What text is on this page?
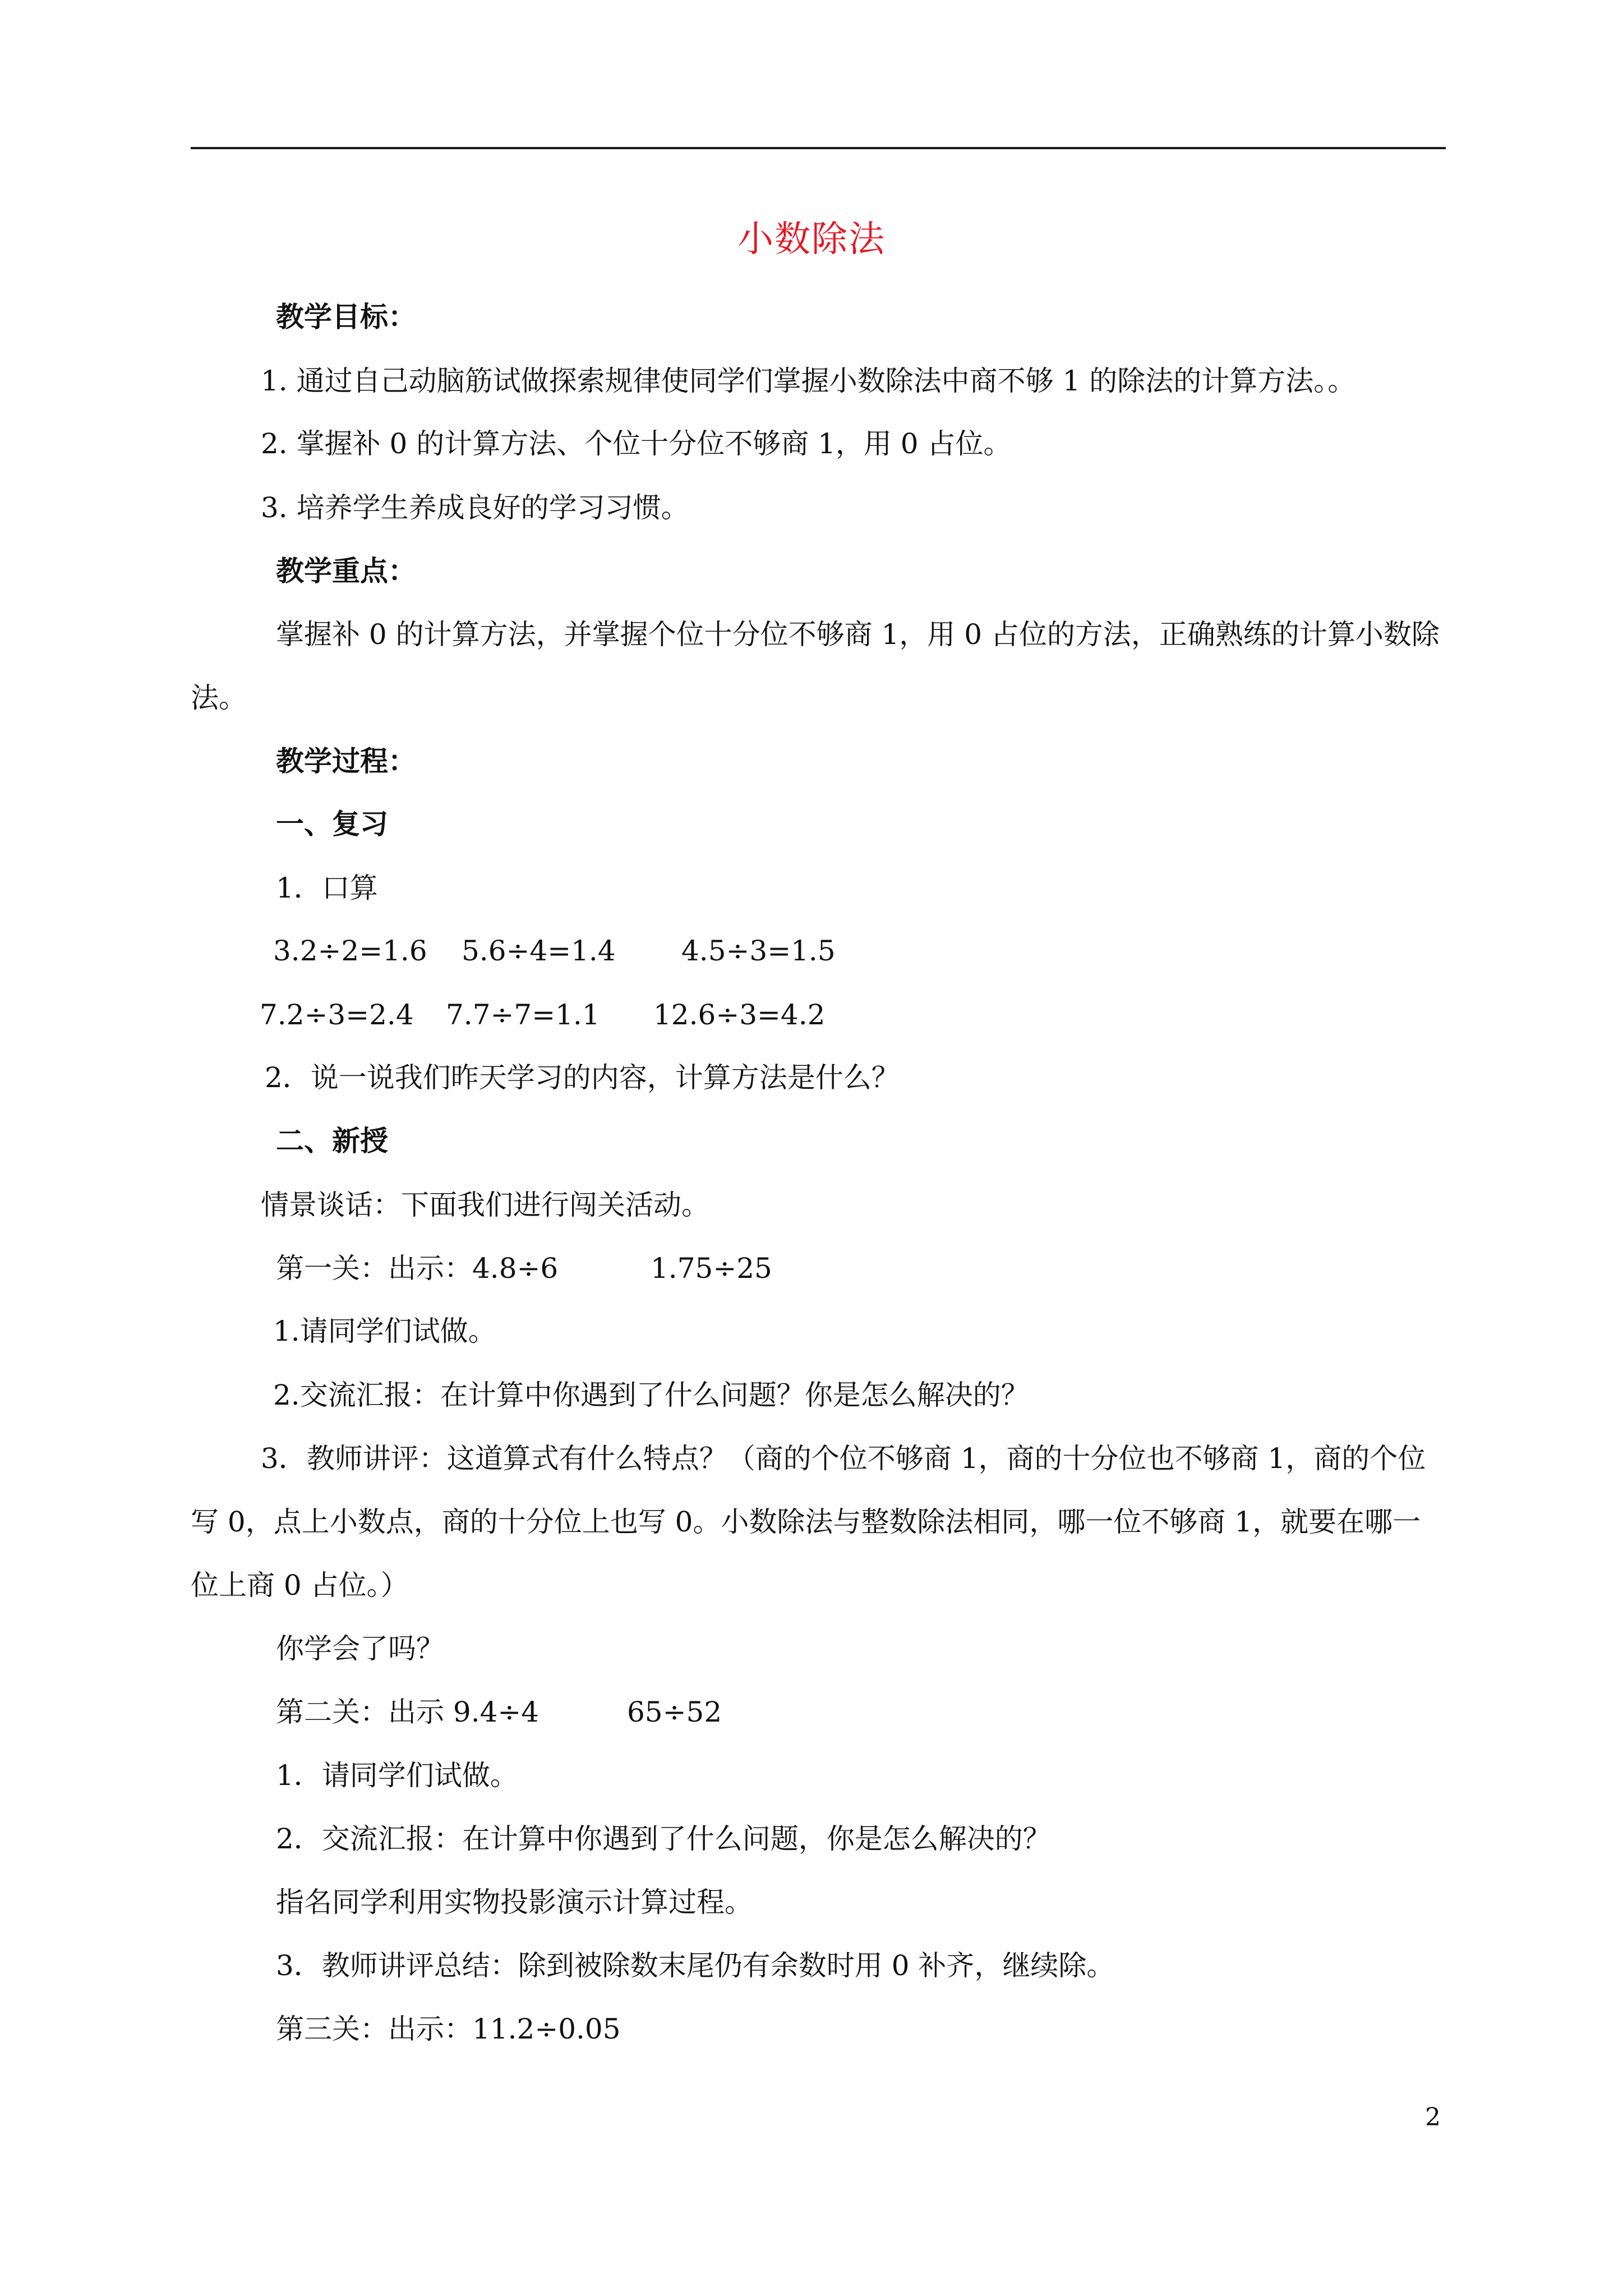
小数除法
教学目标：
1. 通过自己动脑筋试做探索规律使同学们掌握小数除法中商不够 1 的除法的计算方法。。
2. 掌握补 0 的计算方法、个位十分位不够商 1，用 0 占位。
3. 培养学生养成良好的学习习惯。
教学重点：
掌握补 0 的计算方法，并掌握个位十分位不够商 1，用 0 占位的方法，正确熟练的计算小数除
法。
教学过程：
一、复习
1．口算
3.2÷2=1.6 5.6÷4=1.4 4.5÷3=1.5
7.2÷3=2.4 7.7÷7=1.1 12.6÷3=4.2
2．说一说我们昨天学习的内容，计算方法是什么？
二、新授
情景谈话：下面我们进行闯关活动。
第一关：出示：4.8÷6	1.75÷25
1.请同学们试做。
2.交流汇报：在计算中你遇到了什么问题？你是怎么解决的？
3．教师讲评：这道算式有什么特点？（商的个位不够商 1，商的十分位也不够商 1，商的个位
写 0，点上小数点，商的十分位上也写 0。小数除法与整数除法相同，哪一位不够商 1，就要在哪一
位上商 0 占位。）
你学会了吗？
第二关：出示 9.4÷4	65÷52
1．请同学们试做。
2．交流汇报：在计算中你遇到了什么问题，你是怎么解决的？
指名同学利用实物投影演示计算过程。
3．教师讲评总结：除到被除数末尾仍有余数时用 0 补齐，继续除。
第三关：出示：11.2÷0.05
2
